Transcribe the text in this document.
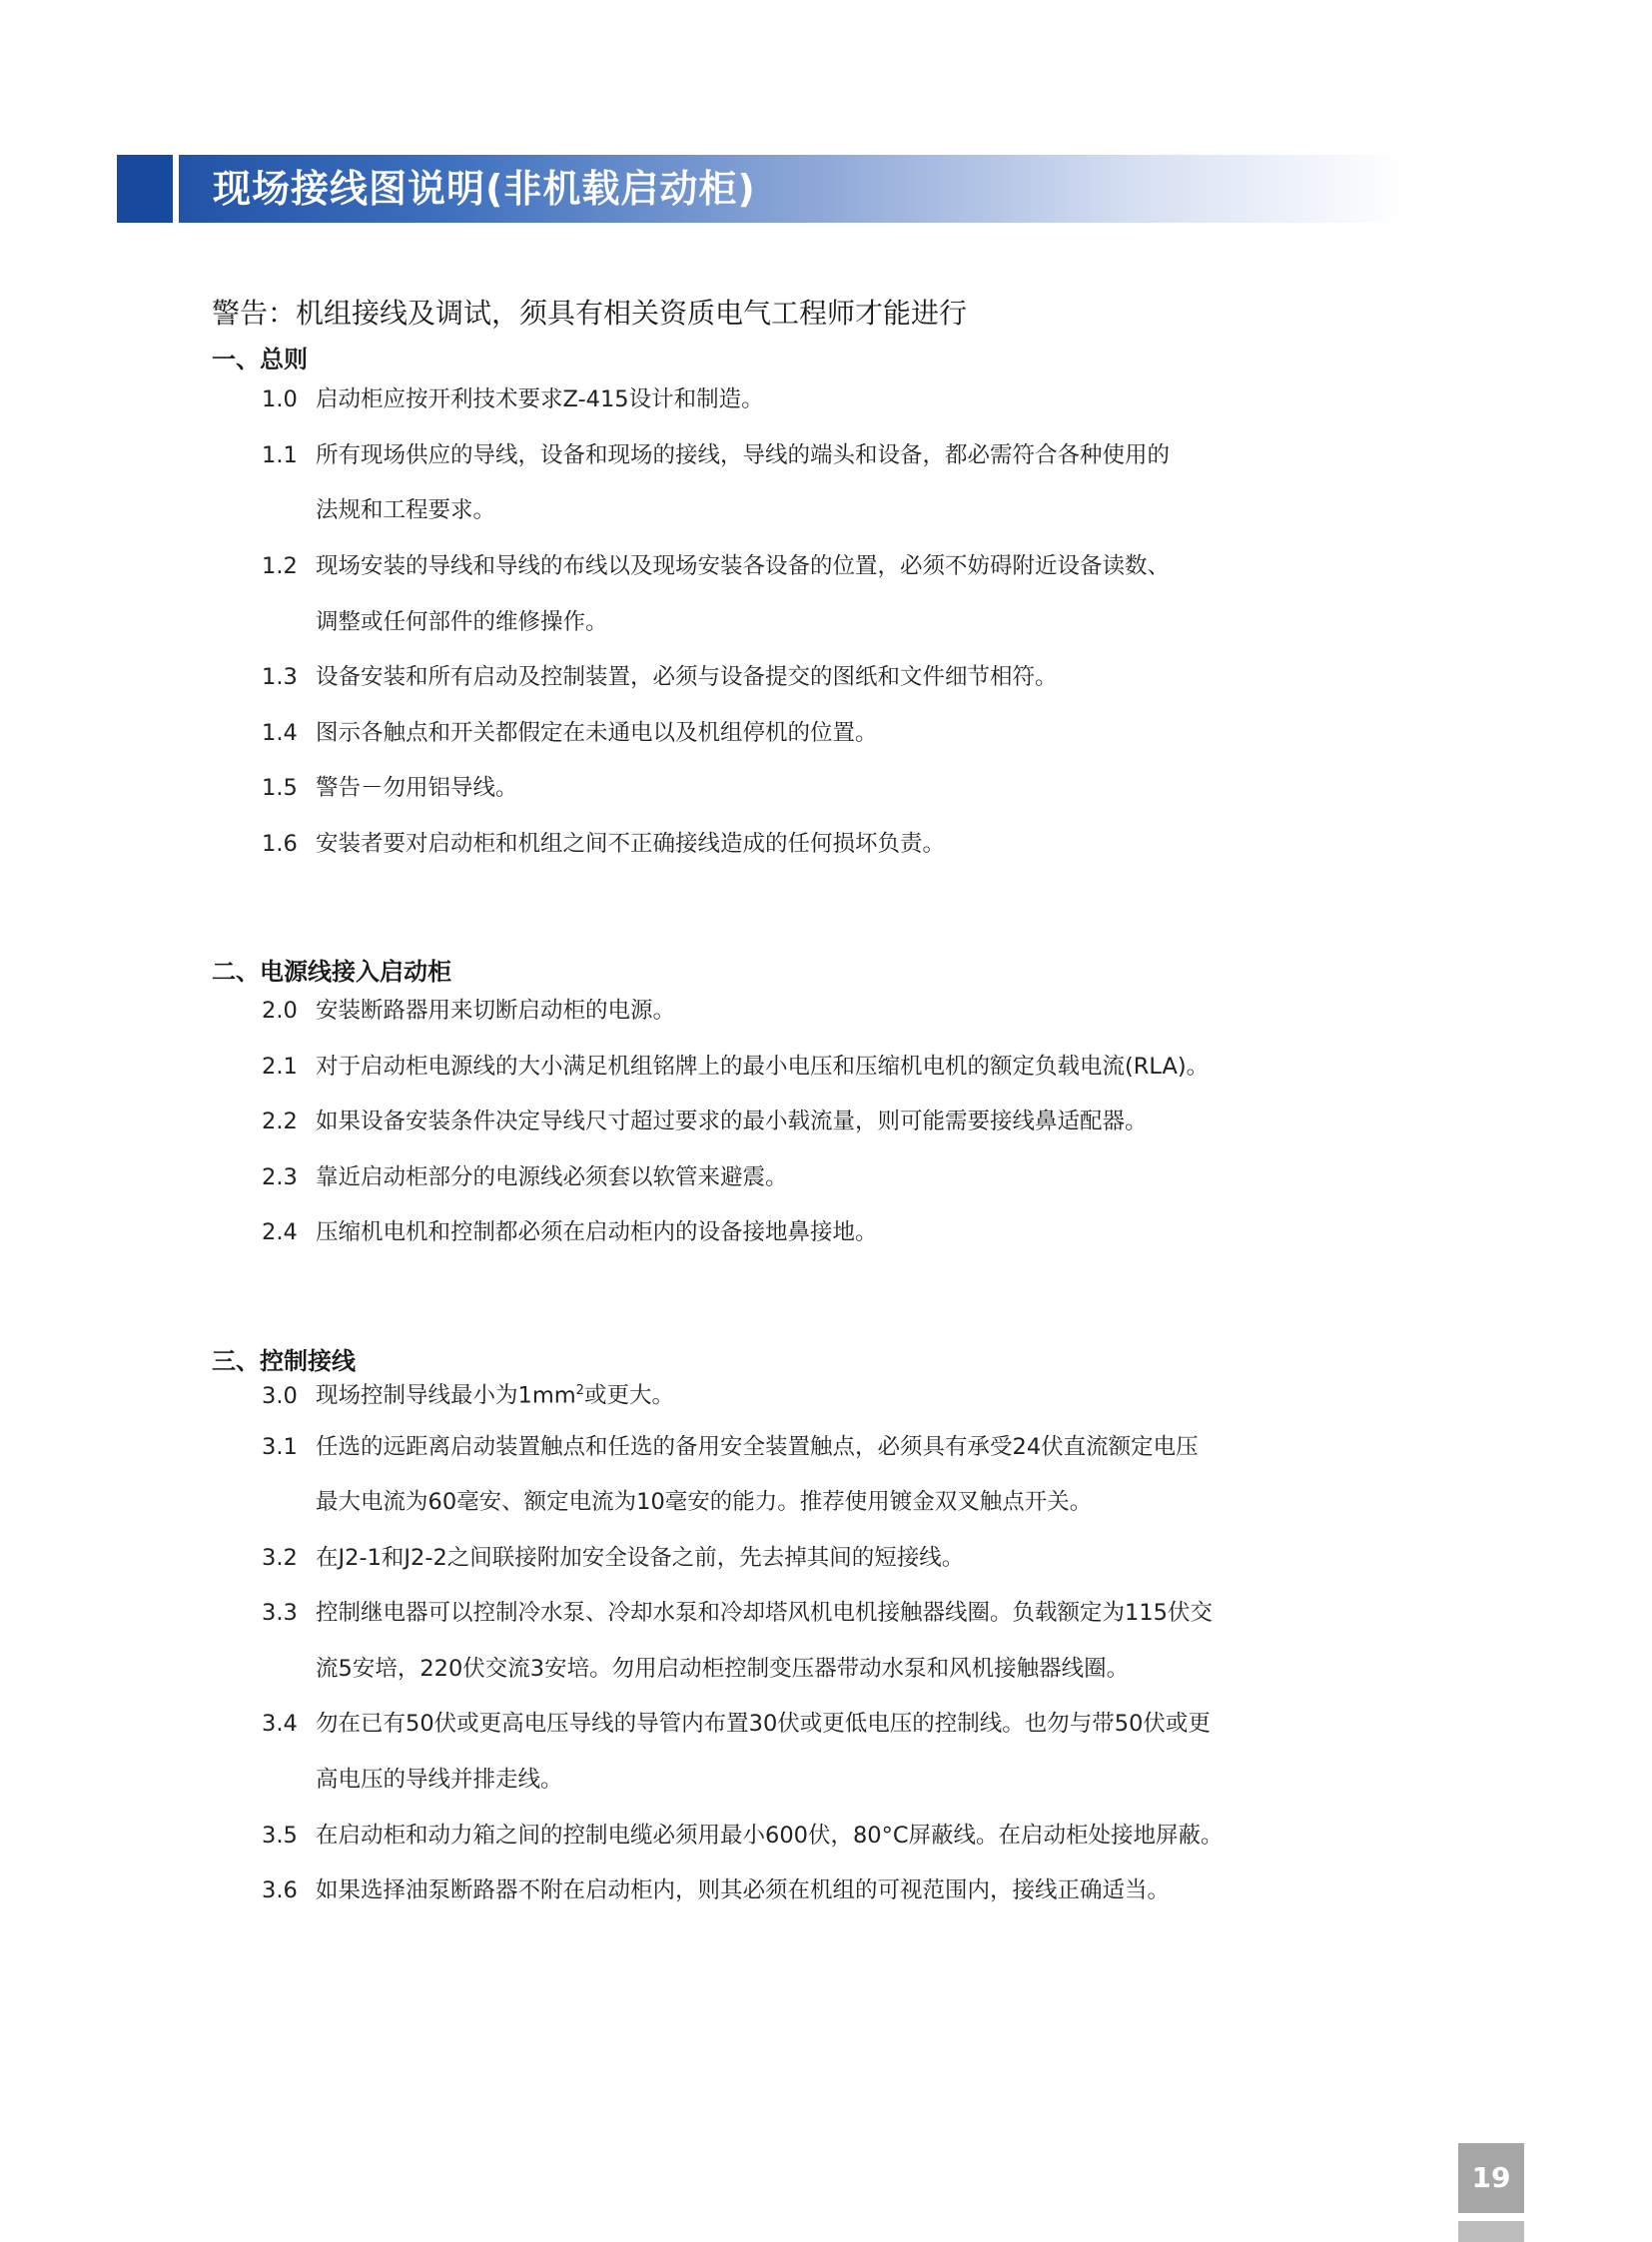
现场接线图说明(非机载启动柜)
警告：机组接线及调试，须具有相关资质电气工程师才能进行
一、总则
1.0 启动柜应按开利技术要求Z-415设计和制造。
1.1 所有现场供应的导线，设备和现场的接线，导线的端头和设备，都必需符合各种使用的
法规和工程要求。
1.2 现场安装的导线和导线的布线以及现场安装各设备的位置，必须不妨碍附近设备读数、
调整或任何部件的维修操作。
1.3 设备安装和所有启动及控制装置，必须与设备提交的图纸和文件细节相符。
1.4 图示各触点和开关都假定在未通电以及机组停机的位置。
1.5 警告－勿用铝导线。
1.6 安装者要对启动柜和机组之间不正确接线造成的任何损坏负责。
二、电源线接入启动柜
2.0 安装断路器用来切断启动柜的电源。
2.1 对于启动柜电源线的大小满足机组铭牌上的最小电压和压缩机电机的额定负载电流(RLA)。
2.2 如果设备安装条件决定导线尺寸超过要求的最小载流量，则可能需要接线鼻适配器。
2.3 靠近启动柜部分的电源线必须套以软管来避震。
2.4 压缩机电机和控制都必须在启动柜内的设备接地鼻接地。
三、控制接线
3.0 现场控制导线最小为$1mm^2$或更大。
3.1 任选的远距离启动装置触点和任选的备用安全装置触点，必须具有承受24伏直流额定电压
最大电流为60毫安、额定电流为10毫安的能力。推荐使用镀金双叉触点开关。
3.2 在J2-1和J2-2之间联接附加安全设备之前，先去掉其间的短接线。
3.3 控制继电器可以控制冷水泵、冷却水泵和冷却塔风机电机接触器线圈。负载额定为115伏交
流5安培，220伏交流3安培。勿用启动柜控制变压器带动水泵和风机接触器线圈。
3.4 勿在已有50伏或更高电压导线的导管内布置30伏或更低电压的控制线。也勿与带50伏或更
高电压的导线并排走线。
3.5 在启动柜和动力箱之间的控制电缆必须用最小600伏，80°C屏蔽线。在启动柜处接地屏蔽。
3.6 如果选择油泵断路器不附在启动柜内，则其必须在机组的可视范围内，接线正确适当。
19
